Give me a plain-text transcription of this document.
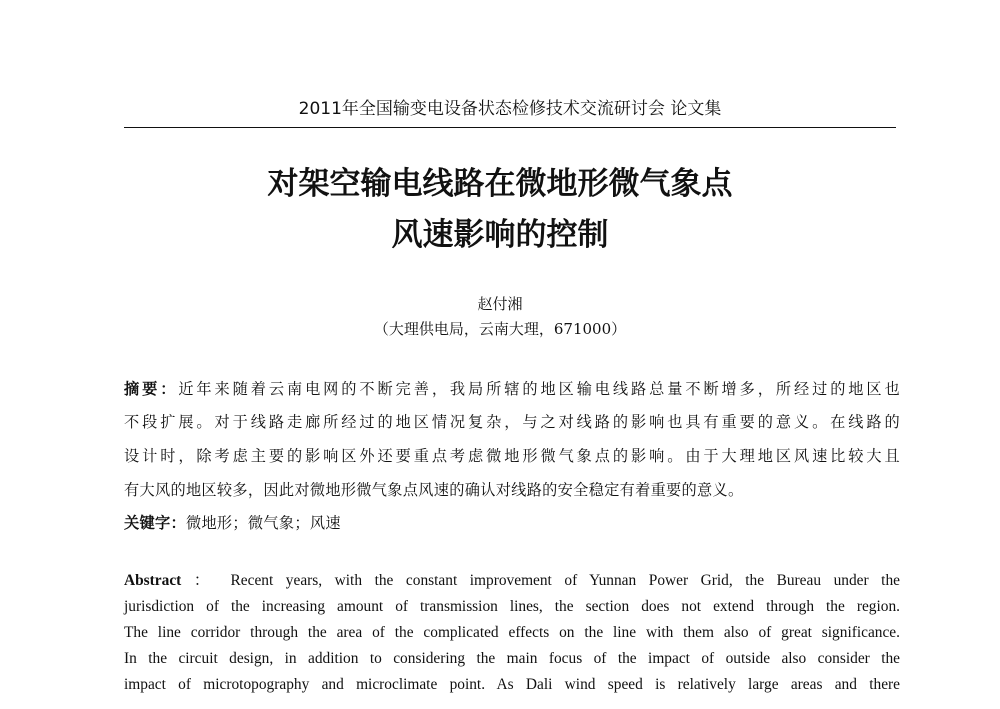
2011年全国输变电设备状态检修技术交流研讨会 论文集
对架空输电线路在微地形微气象点
风速影响的控制
赵付湘
（大理供电局，云南大理，671000）
摘要：近年来随着云南电网的不断完善，我局所辖的地区输电线路总量不断增多，所经过的地区也
不段扩展。对于线路走廊所经过的地区情况复杂，与之对线路的影响也具有重要的意义。在线路的
设计时，除考虑主要的影响区外还要重点考虑微地形微气象点的影响。由于大理地区风速比较大且
有大风的地区较多，因此对微地形微气象点风速的确认对线路的安全稳定有着重要的意义。
关键字：微地形；微气象；风速
Abstract ： Recent years, with the constant improvement of Yunnan Power Grid, the Bureau under the
jurisdiction of the increasing amount of transmission lines, the section does not extend through the region.
The line corridor through the area of the complicated effects on the line with them also of great significance.
In the circuit design, in addition to considering the main focus of the impact of outside also consider the
impact of microtopography and microclimate point. As Dali wind speed is relatively large areas and there
